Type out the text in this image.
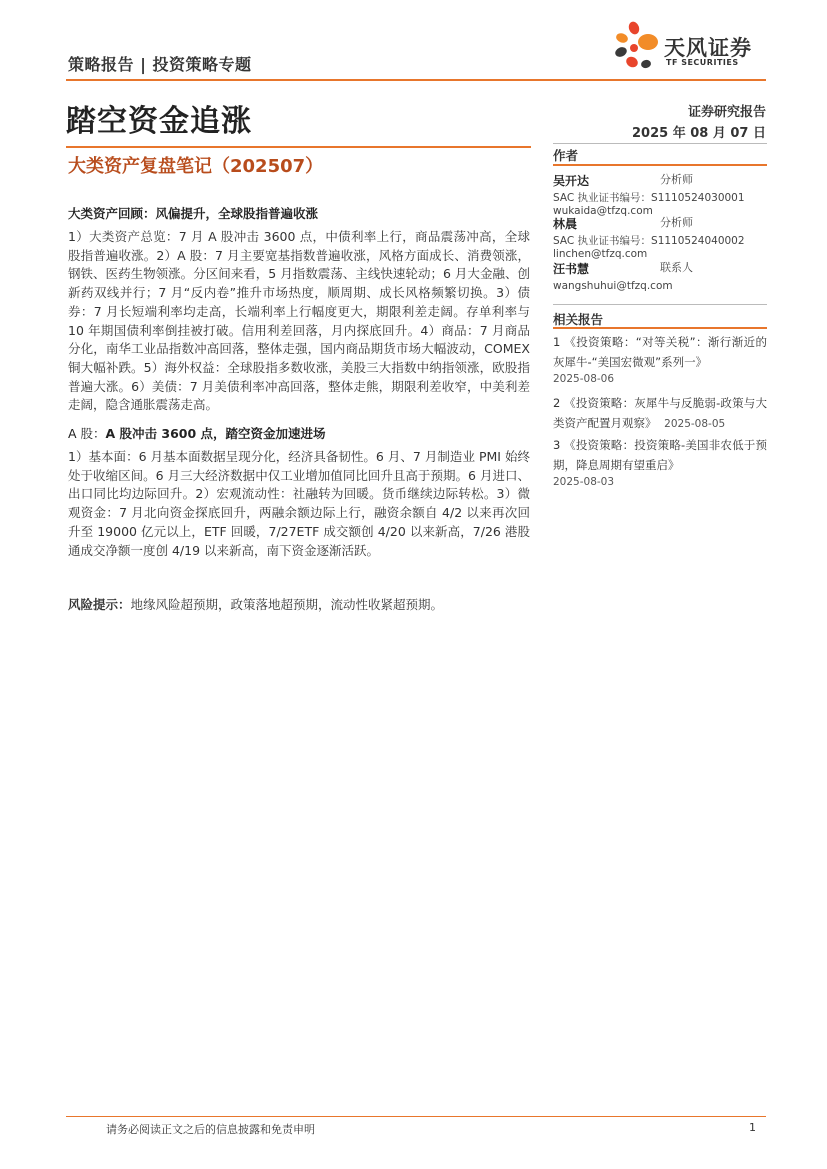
策略报告 | 投资策略专题
天风证券
TF SECURITIES
踏空资金追涨	证券研究报告
2025 年 08 月 07 日
大类资产复盘笔记（202507）
大类资产回顾：风偏提升，全球股指普遍收涨

1）大类资产总览：7 月 A 股冲击 3600 点，中债利率上行，商品震荡冲高，全球股指普遍收涨。2）A 股：7 月主要宽基指数普遍收涨，风格方面成长、消费领涨，钢铁、医药生物领涨。分区间来看，5 月指数震荡、主线快速轮动；6 月大金融、创新药双线并行；7 月“反内卷”推升市场热度，顺周期、成长风格频繁切换。3）债券：7 月长短端利率均走高，长端利率上行幅度更大，期限利差走阔。存单利率与 10 年期国债利率倒挂被打破。信用利差回落，月内探底回升。4）商品：7 月商品分化，南华工业品指数冲高回落，整体走强，国内商品期货市场大幅波动，COMEX 铜大幅补跌。5）海外权益：全球股指多数收涨，美股三大指数中纳指领涨，欧股指普遍大涨。6）美债：7 月美债利率冲高回落，整体走熊，期限利差收窄，中美利差走阔，隐含通胀震荡走高。

A 股：A 股冲击 3600 点，踏空资金加速进场

1）基本面：6 月基本面数据呈现分化，经济具备韧性。6 月、7 月制造业 PMI 始终处于收缩区间。6 月三大经济数据中仅工业增加值同比回升且高于预期。6 月进口、出口同比均边际回升。2）宏观流动性：社融转为回暖。货币继续边际转松。3）微观资金：7 月北向资金探底回升，两融余额边际上行，融资余额自 4/2 以来再次回升至 19000 亿元以上，ETF 回暖，7/27ETF 成交额创 4/20 以来新高，7/26 港股通成交净额一度创 4/19 以来新高，南下资金逐渐活跃。

风险提示：地缘风险超预期，政策落地超预期，流动性收紧超预期。
作者
吴开达	分析师
SAC 执业证书编号：S1110524030001
wukaida@tfzq.com
林晨	分析师
SAC 执业证书编号：S1110524040002
linchen@tfzq.com
汪书慧	联系人
wangshuhui@tfzq.com
相关报告
1 《投资策略：“对等关税”：渐行渐近的灰犀牛-“美国宏微观”系列一》
2025-08-06
2 《投资策略：灰犀牛与反脆弱-政策与大类资产配置月观察》 2025-08-05
3 《投资策略：投资策略-美国非农低于预期，降息周期有望重启》
2025-08-03
请务必阅读正文之后的信息披露和免责申明	1
